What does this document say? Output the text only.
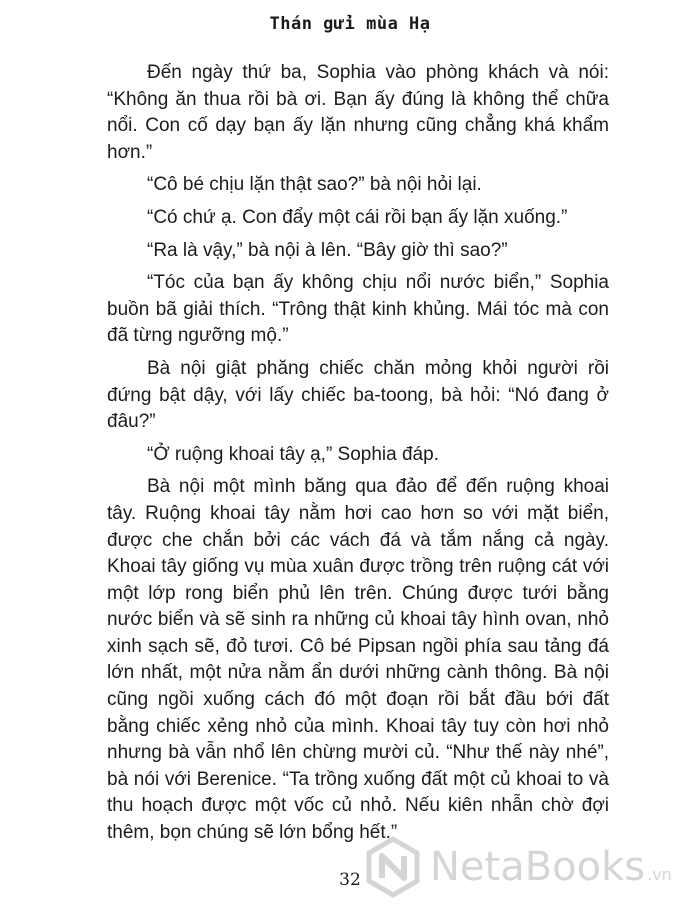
Thán gửi mùa Hạ

Đến ngày thứ ba, Sophia vào phòng khách và nói: “Không ăn thua rồi bà ơi. Bạn ấy đúng là không thể chữa nổi. Con cố dạy bạn ấy lặn nhưng cũng chẳng khá khẩm hơn.”

“Cô bé chịu lặn thật sao?” bà nội hỏi lại.

“Có chứ ạ. Con đẩy một cái rồi bạn ấy lặn xuống.”

“Ra là vậy,” bà nội à lên. “Bây giờ thì sao?”

“Tóc của bạn ấy không chịu nổi nước biển,” Sophia buồn bã giải thích. “Trông thật kinh khủng. Mái tóc mà con đã từng ngưỡng mộ.”

Bà nội giật phăng chiếc chăn mỏng khỏi người rồi đứng bật dậy, với lấy chiếc ba-toong, bà hỏi: “Nó đang ở đâu?”

“Ở ruộng khoai tây ạ,” Sophia đáp.

Bà nội một mình băng qua đảo để đến ruộng khoai tây. Ruộng khoai tây nằm hơi cao hơn so với mặt biển, được che chắn bởi các vách đá và tắm nắng cả ngày. Khoai tây giống vụ mùa xuân được trồng trên ruộng cát với một lớp rong biển phủ lên trên. Chúng được tưới bằng nước biển và sẽ sinh ra những củ khoai tây hình ovan, nhỏ xinh sạch sẽ, đỏ tươi. Cô bé Pipsan ngồi phía sau tảng đá lớn nhất, một nửa nằm ẩn dưới những cành thông. Bà nội cũng ngồi xuống cách đó một đoạn rồi bắt đầu bới đất bằng chiếc xẻng nhỏ của mình. Khoai tây tuy còn hơi nhỏ nhưng bà vẫn nhổ lên chừng mười củ. “Như thế này nhé”, bà nói với Berenice. “Ta trồng xuống đất một củ khoai to và thu hoạch được một vốc củ nhỏ. Nếu kiên nhẫn chờ đợi thêm, bọn chúng sẽ lớn bổng hết.”

32 NetaBooks .vn
